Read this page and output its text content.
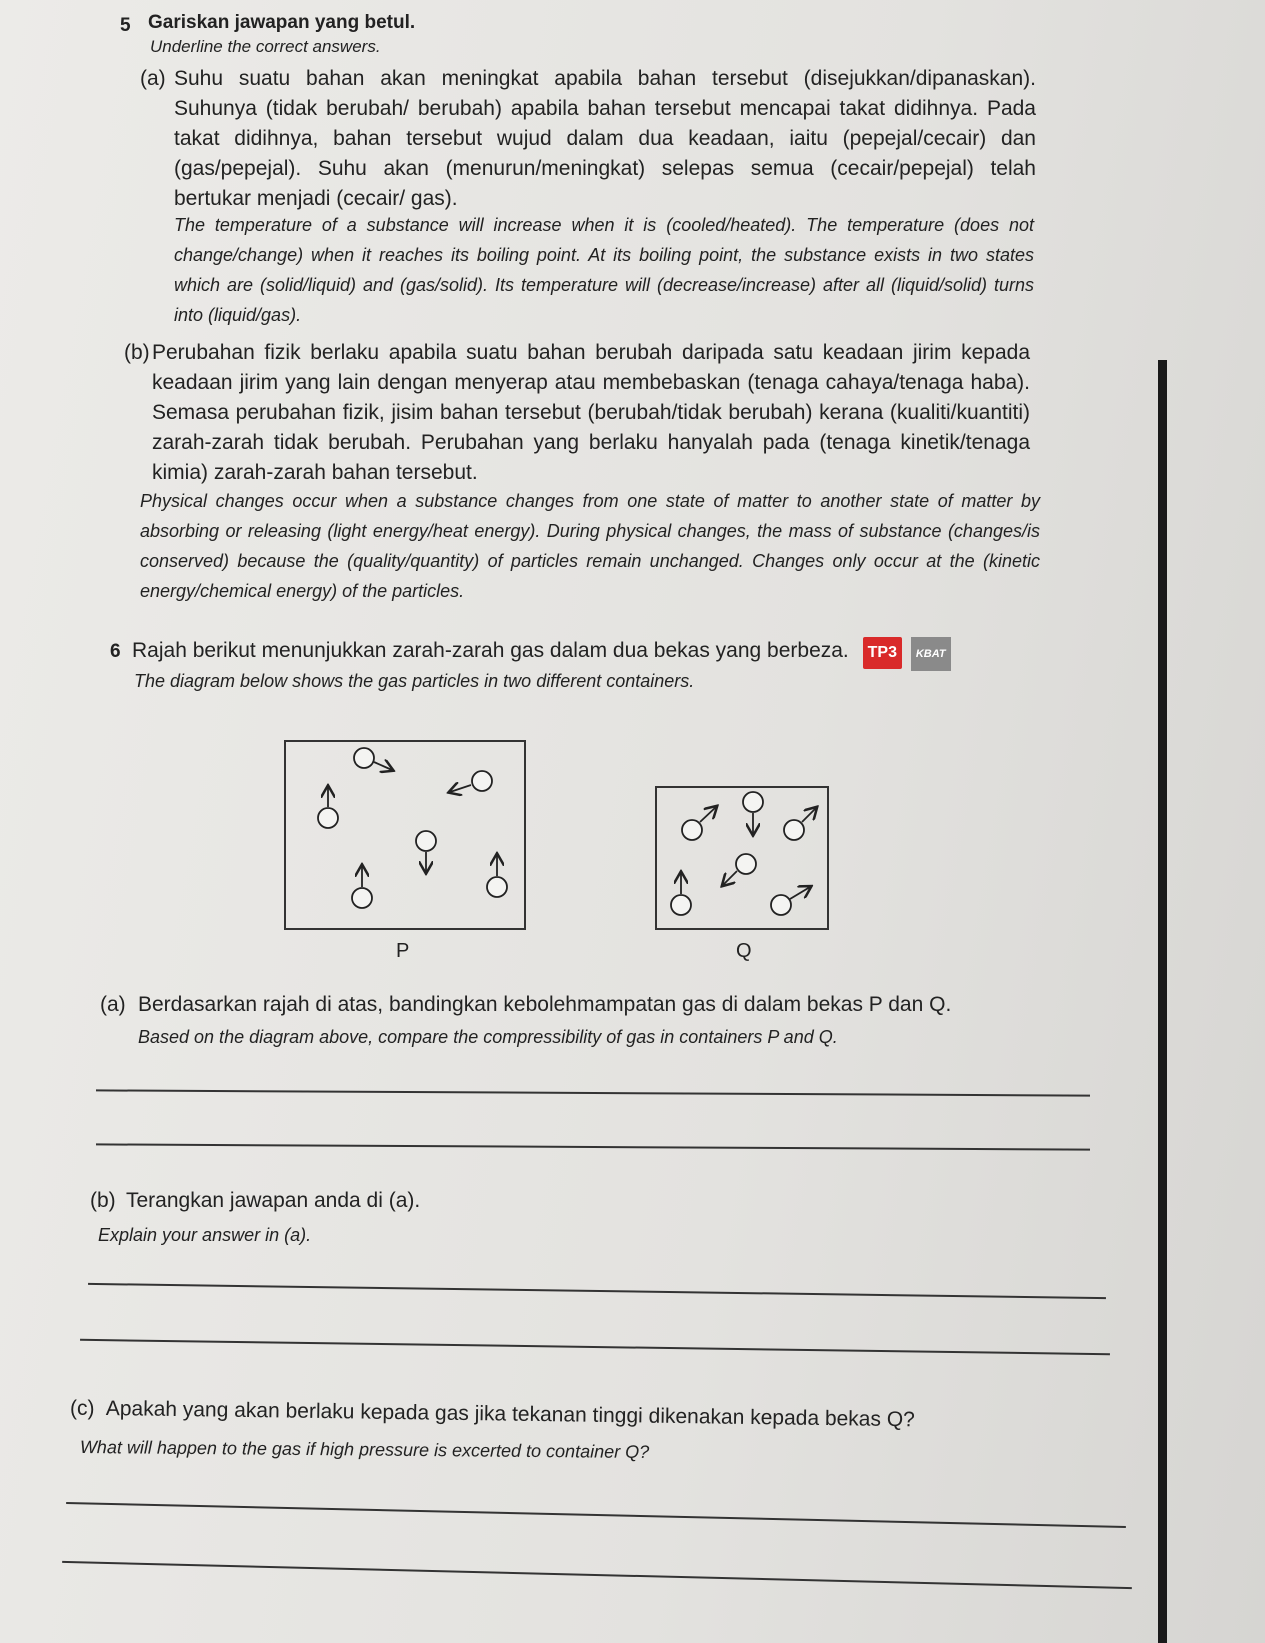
5 Gariskan jawapan yang betul.
Underline the correct answers.
(a) Suhu suatu bahan akan meningkat apabila bahan tersebut (disejukkan/dipanaskan). Suhunya (tidak berubah/ berubah) apabila bahan tersebut mencapai takat didihnya. Pada takat didihnya, bahan tersebut wujud dalam dua keadaan, iaitu (pepejal/cecair) dan (gas/pepejal). Suhu akan (menurun/meningkat) selepas semua (cecair/pepejal) telah bertukar menjadi (cecair/ gas).
The temperature of a substance will increase when it is (cooled/heated). The temperature (does not change/change) when it reaches its boiling point. At its boiling point, the substance exists in two states which are (solid/liquid) and (gas/solid). Its temperature will (decrease/increase) after all (liquid/solid) turns into (liquid/gas).
(b) Perubahan fizik berlaku apabila suatu bahan berubah daripada satu keadaan jirim kepada keadaan jirim yang lain dengan menyerap atau membebaskan (tenaga cahaya/tenaga haba). Semasa perubahan fizik, jisim bahan tersebut (berubah/tidak berubah) kerana (kualiti/kuantiti) zarah-zarah tidak berubah. Perubahan yang berlaku hanyalah pada (tenaga kinetik/tenaga kimia) zarah-zarah bahan tersebut.
Physical changes occur when a substance changes from one state of matter to another state of matter by absorbing or releasing (light energy/heat energy). During physical changes, the mass of substance (changes/is conserved) because the (quality/quantity) of particles remain unchanged. Changes only occur at the (kinetic energy/chemical energy) of the particles.
6 Rajah berikut menunjukkan zarah-zarah gas dalam dua bekas yang berbeza. TP3 KBAT
The diagram below shows the gas particles in two different containers.
P	Q
(a) Berdasarkan rajah di atas, bandingkan kebolehmampatan gas di dalam bekas P dan Q.
Based on the diagram above, compare the compressibility of gas in containers P and Q.
(b) Terangkan jawapan anda di (a).
Explain your answer in (a).
(c) Apakah yang akan berlaku kepada gas jika tekanan tinggi dikenakan kepada bekas Q?
What will happen to the gas if high pressure is excerted to container Q?
